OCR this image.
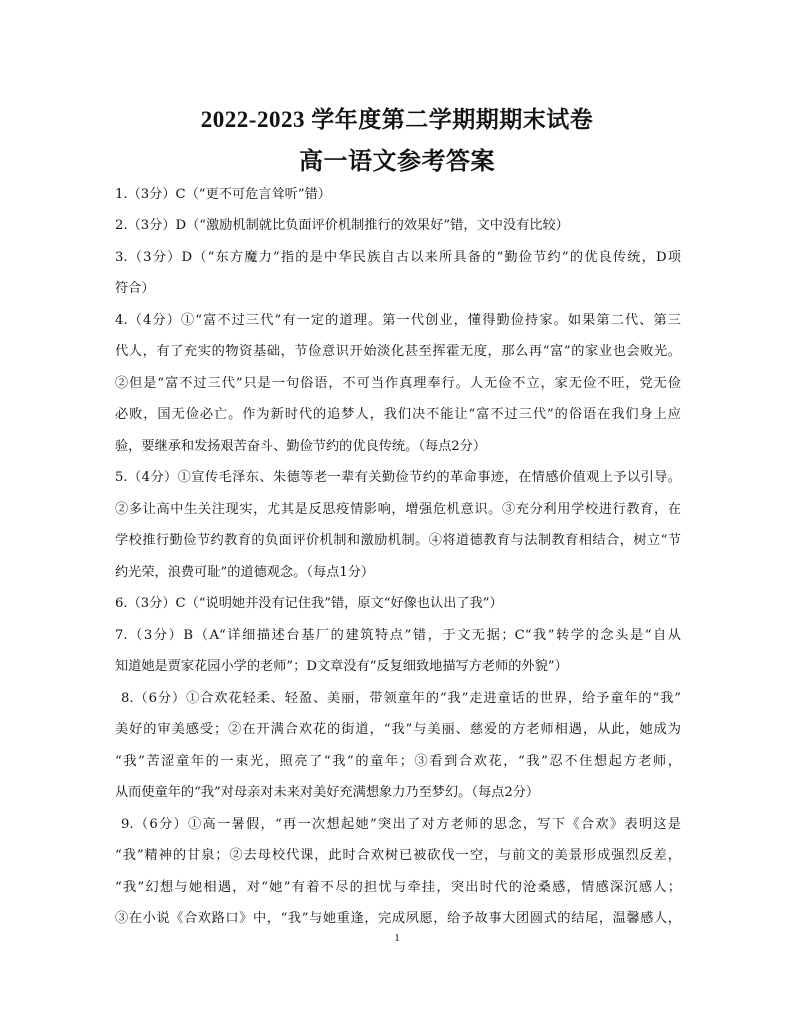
2022-2023 学年度第二学期期期末试卷
高一语文参考答案
1.（3分）C（“更不可危言耸听”错）
2.（3分）D（“激励机制就比负面评价机制推行的效果好”错，文中没有比较）
3.（3分）D（“东方魔力”指的是中华民族自古以来所具备的“勤俭节约”的优良传统，D项
符合）
4.（4分）①“富不过三代”有一定的道理。第一代创业，懂得勤俭持家。如果第二代、第三
代人，有了充实的物资基础，节俭意识开始淡化甚至挥霍无度，那么再“富”的家业也会败光。
②但是“富不过三代”只是一句俗语，不可当作真理奉行。人无俭不立，家无俭不旺，党无俭
必败，国无俭必亡。作为新时代的追梦人，我们决不能让“富不过三代”的俗语在我们身上应
验，要继承和发扬艰苦奋斗、勤俭节约的优良传统。（每点2分）
5.（4分）①宣传毛泽东、朱德等老一辈有关勤俭节约的革命事迹，在情感价值观上予以引导。
②多让高中生关注现实，尤其是反思疫情影响，增强危机意识。③充分利用学校进行教育，在
学校推行勤俭节约教育的负面评价机制和激励机制。④将道德教育与法制教育相结合，树立“节
约光荣，浪费可耻”的道德观念。（每点1分）
6.（3分）C（“说明她并没有记住我”错，原文“好像也认出了我”）
7.（3分）B（A“详细描述台基厂的建筑特点”错，于文无据；C“我”转学的念头是“自从
知道她是贾家花园小学的老师”；D文章没有“反复细致地描写方老师的外貌”）
8.（6分）①合欢花轻柔、轻盈、美丽，带领童年的“我”走进童话的世界，给予童年的“我”
美好的审美感受；②在开满合欢花的街道，“我”与美丽、慈爱的方老师相遇，从此，她成为
“我”苦涩童年的一束光，照亮了“我”的童年；③看到合欢花，“我”忍不住想起方老师，
从而使童年的“我”对母亲对未来对美好充满想象力乃至梦幻。（每点2分）
9.（6分）①高一暑假，“再一次想起她”突出了对方老师的思念，写下《合欢》表明这是
“我”精神的甘泉；②去母校代课，此时合欢树已被砍伐一空，与前文的美景形成强烈反差，
“我”幻想与她相遇，对“她”有着不尽的担忧与牵挂，突出时代的沧桑感，情感深沉感人；
③在小说《合欢路口》中，“我”与她重逢，完成夙愿，给予故事大团圆式的结尾，温馨感人，
1
